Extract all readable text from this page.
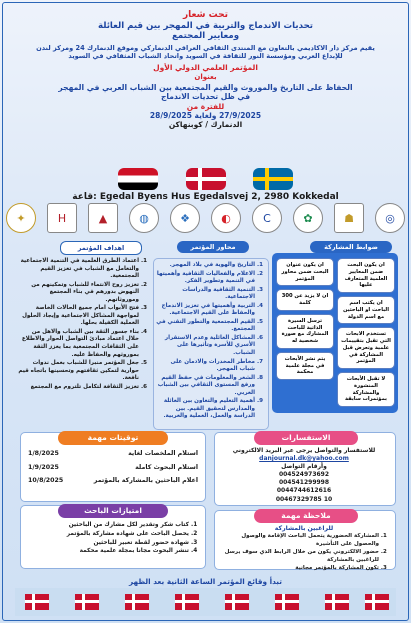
تحت شعار

تحديات الاندماج والتربية في المهجر بين قيم العائلة

ومعايير المجتمع

يقيم مركز دار الاكاديمي بالتعاون مع المنتدى الثقافي العراقي الدنماركي وموقع الدنمارك 24 ومركز لندن

للإبداع العربي ومؤسسة النور للثقافة في السويد واتحاد الشباب المثقافي في السويد

المؤتمر العلمي الدولي الأول

بعنوان

الحفاظ على التاريخ والموروث والقيم المجتمعية بين الشباب العربي في المهجر

في ظل تحديات الاندماج

للفترة من

27/9/2025 ولغاية 28/9/2025

الدنمارك / كوبنهاكن

قاعة: Egedal Byens Hus Egedalsvej 2, 2980 Kokkedal
✦	H	▲	◍	❖	◐	C	✿	☗	◎
اهداف المؤتمر	محاور المؤتمر	ضوابط المشاركة
1. اعتماد الطرق العلمية في التنمية الاجتماعية والتعامل مع الشباب في تعزيز القيم المجتمعية.
2. تعزيز روح الانتماء للشباب وتمكينهم من النهوض بدورهم في بناء المجتمع وموروثاتهم.
3. فتح الأبواب امام جميع الحالات الخاصة لمواجهة المشاكل الاجتماعية وإيجاد الحلول العملية الكفيلة بحلها.
4. بناء جسور الثقة بين الشباب والاهل من خلال اعتماد مبادئ التواصل الحوار والاطلاع على الثقافات المجتمعية بما يعزز الثقة بموروثهم والحفاظ عليه.
5. جعل المؤتمر منبرا للشباب بعمل ندوات حوارية لتمكين ثقافتهم وتحسينها باتجاه قيم نافعة.
6. تعزيز الثقافة لتكامل تلتروم مع المجتمع
1. التاريخ والهوية في بلاد المهجر.
2. الاعلام والفعاليات الثقافية وأهميتها في التنمية وتطوير الفكر.
3. التنمية الثقافية والدراسات الاجتماعية.
4. التربية وأهميتها في تعزيز الاندماج والحفاظ على القيم الاجتماعية.
5. القيم المجتمعية والتطور التقني في المجتمع.
6. المشاكل العائلية وعدم الاستقرار الأسري للأسرة وتأثيرها على الشباب.
7. مخاطر المخدرات والادمان على شباب المهجر.
8. الشعر والمعلومات في حفظ القيم ورفع المستوى الثقافي بين الشباب العربي.
9. أهمية التعليم والتعاون بين العائلة والمدارس لتحقيق القيم. بين الدراسة والعمل، العملية والعربية.
ان يكون البحث ضمن المعايير العلمية المتعارف عليها
ان يكتب اسم الباحث او الباحثين مع اسم الدولة
تستخدم الابحاث التي تقبل بتقييمات علمية وتعرض قبل المشاركة في المؤتمر
لا تقبل الأبحاث المنشورة والمشاركة بمؤتمرات سابقة
ان يكون عنوان البحث ضمن محاور المؤتمر
ان لا يزيد عن 300 كلمة
ترسل السيرة الذاتية للباحث المشارك مع صورة شخصية له
يتم نشر الأبحاث في مجلة علمية محكمة
توقيتات مهمة
استلام الملخصات لغاية
1/8/2025
استلام البحوث كاملة
1/9/2025
اعلام الباحثين بالمشاركة بالمؤتمر
10/8/2025
امتيازات الباحث
1. كتاب شكر وتقدير لكل مشارك من الباحثين
2. يحصل الباحث على شهادة مشاركة بالمؤتمر
3. شهادة حضور لقطة تعبير للباحثين
4. تنشر البحوث مجانا بمجلة علمية محكمة
الاستفسارات
للاستفسار والتواصل يرجى عبر البريد الالكتروني
danjournal.dk@yahoo.com
وأرقام التواصل
004524973692
004541299998
0044744612616
00467329785 10
ملاحظة مهمة
للراغبين بالمشاركة
1. المشاركة الحضورية يتحمل الباحث الإقامة والوصول والحصول على التأشيرة
2. حضور الالكتروني يكون من خلال الرابط الذي سوف يرسل للراغبين بالمشاركة
3. تكون المشاركة بالمؤتمر مجانية
تبدأ وقائع المؤتمر الساعة الثانية بعد الظهر
